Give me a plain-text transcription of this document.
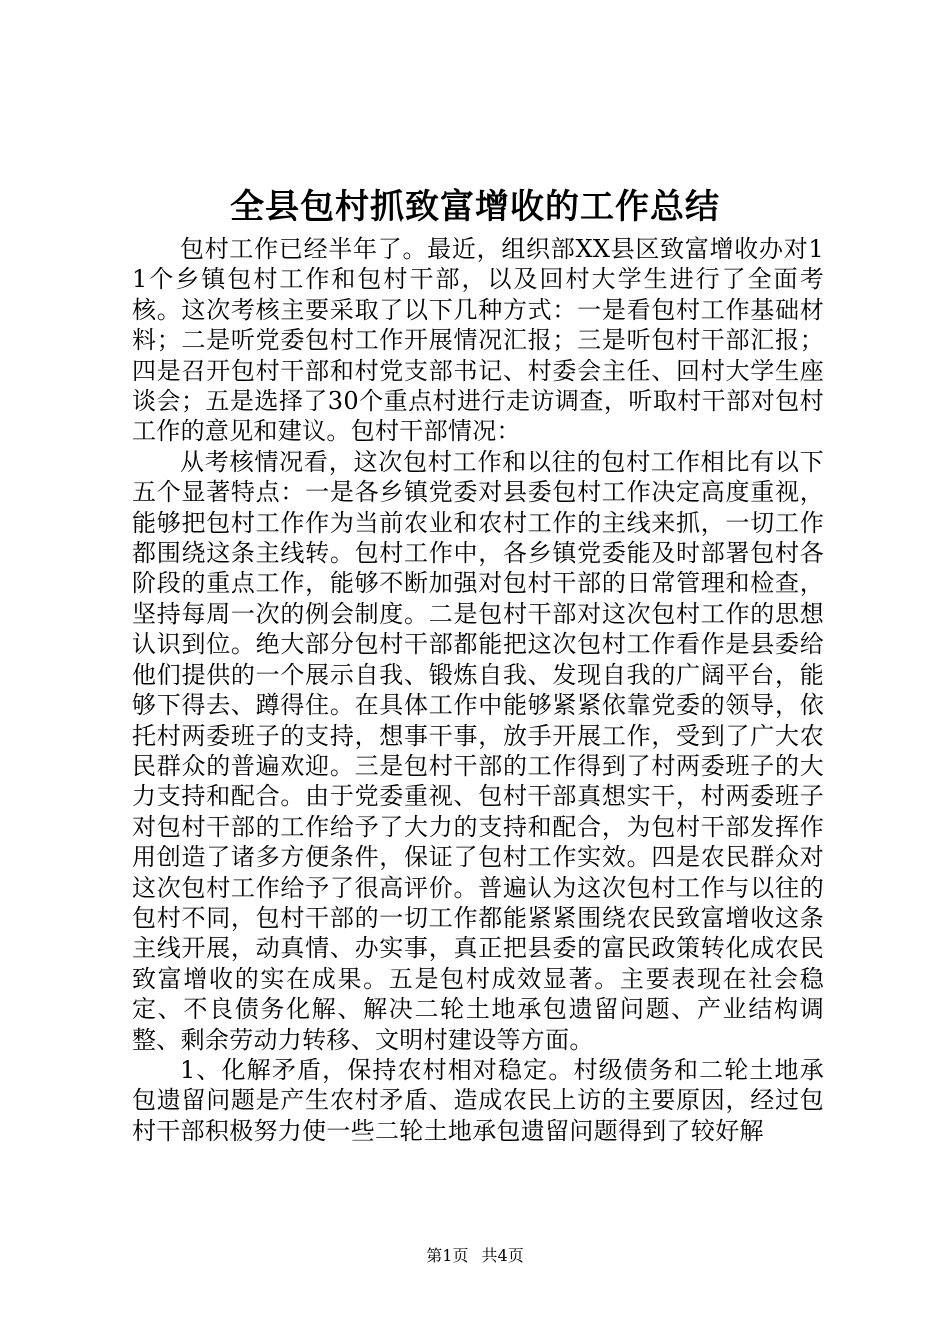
全县包村抓致富增收的工作总结

包村工作已经半年了。最近，组织部XX县区致富增收办对11个乡镇包村工作和包村干部，以及回村大学生进行了全面考核。这次考核主要采取了以下几种方式：一是看包村工作基础材料；二是听党委包村工作开展情况汇报；三是听包村干部汇报；四是召开包村干部和村党支部书记、村委会主任、回村大学生座谈会；五是选择了30个重点村进行走访调查，听取村干部对包村工作的意见和建议。包村干部情况：

从考核情况看，这次包村工作和以往的包村工作相比有以下五个显著特点：一是各乡镇党委对县委包村工作决定高度重视，能够把包村工作作为当前农业和农村工作的主线来抓，一切工作都围绕这条主线转。包村工作中，各乡镇党委能及时部署包村各阶段的重点工作，能够不断加强对包村干部的日常管理和检查，坚持每周一次的例会制度。二是包村干部对这次包村工作的思想认识到位。绝大部分包村干部都能把这次包村工作看作是县委给他们提供的一个展示自我、锻炼自我、发现自我的广阔平台，能够下得去、蹲得住。在具体工作中能够紧紧依靠党委的领导，依托村两委班子的支持，想事干事，放手开展工作，受到了广大农民群众的普遍欢迎。三是包村干部的工作得到了村两委班子的大力支持和配合。由于党委重视、包村干部真想实干，村两委班子对包村干部的工作给予了大力的支持和配合，为包村干部发挥作用创造了诸多方便条件，保证了包村工作实效。四是农民群众对这次包村工作给予了很高评价。普遍认为这次包村工作与以往的包村不同，包村干部的一切工作都能紧紧围绕农民致富增收这条主线开展，动真情、办实事，真正把县委的富民政策转化成农民致富增收的实在成果。五是包村成效显著。主要表现在社会稳定、不良债务化解、解决二轮土地承包遗留问题、产业结构调整、剩余劳动力转移、文明村建设等方面。

1、化解矛盾，保持农村相对稳定。村级债务和二轮土地承包遗留问题是产生农村矛盾、造成农民上访的主要原因，经过包村干部积极努力使一些二轮土地承包遗留问题得到了较好解

第1页 共4页
